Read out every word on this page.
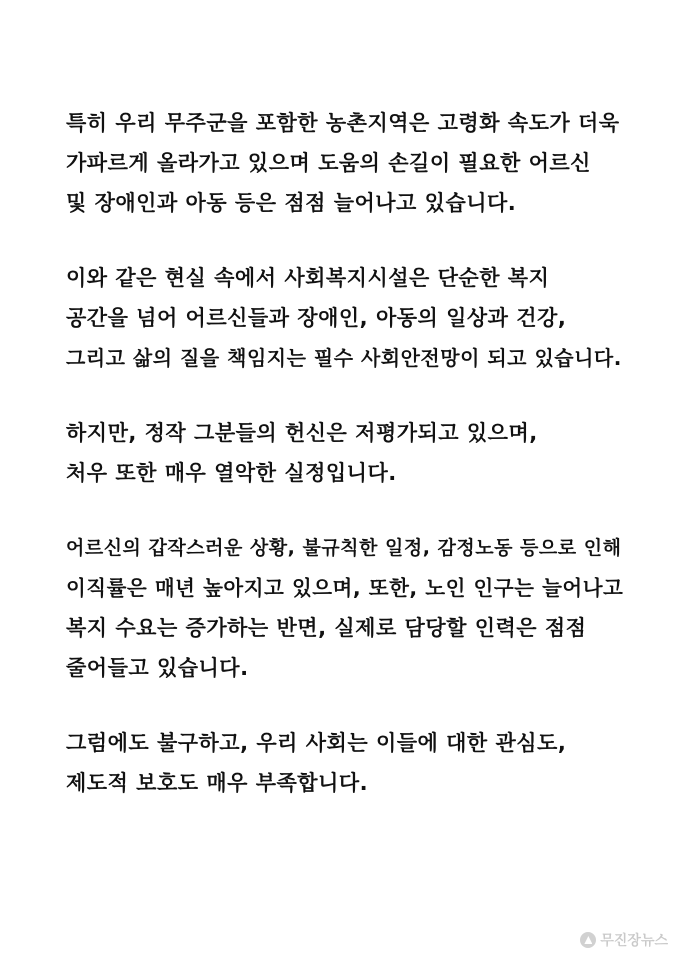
특히 우리 무주군을 포함한 농촌지역은 고령화 속도가 더욱
가파르게 올라가고 있으며 도움의 손길이 필요한 어르신
및 장애인과 아동 등은 점점 늘어나고 있습니다.

이와 같은 현실 속에서 사회복지시설은 단순한 복지
공간을 넘어 어르신들과 장애인, 아동의 일상과 건강,
그리고 삶의 질을 책임지는 필수 사회안전망이 되고 있습니다.

하지만, 정작 그분들의 헌신은 저평가되고 있으며,
처우 또한 매우 열악한 실정입니다.

어르신의 갑작스러운 상황, 불규칙한 일정, 감정노동 등으로 인해
이직률은 매년 높아지고 있으며, 또한, 노인 인구는 늘어나고
복지 수요는 증가하는 반면, 실제로 담당할 인력은 점점
줄어들고 있습니다.

그럼에도 불구하고, 우리 사회는 이들에 대한 관심도,
제도적 보호도 매우 부족합니다.

무진장뉴스
